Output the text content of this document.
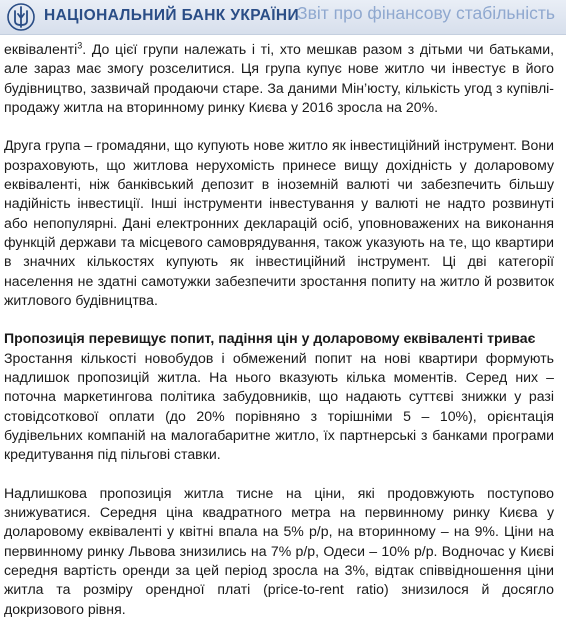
НАЦІОНАЛЬНИЙ БАНК УКРАЇНИ
Звіт про фінансову стабільність

еквіваленті$^3$. До цієї групи належать і ті, хто мешкав разом з дітьми чи батьками, але зараз має змогу розселитися. Ця група купує нове житло чи інвестує в його будівництво, зазвичай продаючи старе. За даними Мін’юсту, кількість угод з купівлі-продажу житла на вторинному ринку Києва у 2016 зросла на 20%.

Друга група – громадяни, що купують нове житло як інвестиційний інструмент. Вони розраховують, що житлова нерухомість принесе вищу дохідність у доларовому еквіваленті, ніж банківський депозит в іноземній валюті чи забезпечить більшу надійність інвестиції. Інші інструменти інвестування у валюті не надто розвинуті або непопулярні. Дані електронних декларацій осіб, уповноважених на виконання функцій держави та місцевого самоврядування, також указують на те, що квартири в значних кількостях купують як інвестиційний інструмент. Ці дві категорії населення не здатні самотужки забезпечити зростання попиту на житло й розвиток житлового будівництва.

Пропозиція перевищує попит, падіння цін у доларовому еквіваленті триває

Зростання кількості новобудов і обмежений попит на нові квартири формують надлишок пропозицій житла. На нього вказують кілька моментів. Серед них – поточна маркетингова політика забудовників, що надають суттєві знижки у разі стовідсоткової оплати (до 20% порівняно з торішніми 5 – 10%), орієнтація будівельних компаній на малогабаритне житло, їх партнерські з банками програми кредитування під пільгові ставки.

Надлишкова пропозиція житла тисне на ціни, які продовжують поступово знижуватися. Середня ціна квадратного метра на первинному ринку Києва у доларовому еквіваленті у квітні впала на 5% р/р, на вторинному – на 9%. Ціни на первинному ринку Львова знизились на 7% р/р, Одеси – 10% р/р. Водночас у Києві середня вартість оренди за цей період зросла на 3%, відтак співвідношення ціни житла та розміру орендної платі (price-to-rent ratio) знизилося й досягло докризового рівня.
